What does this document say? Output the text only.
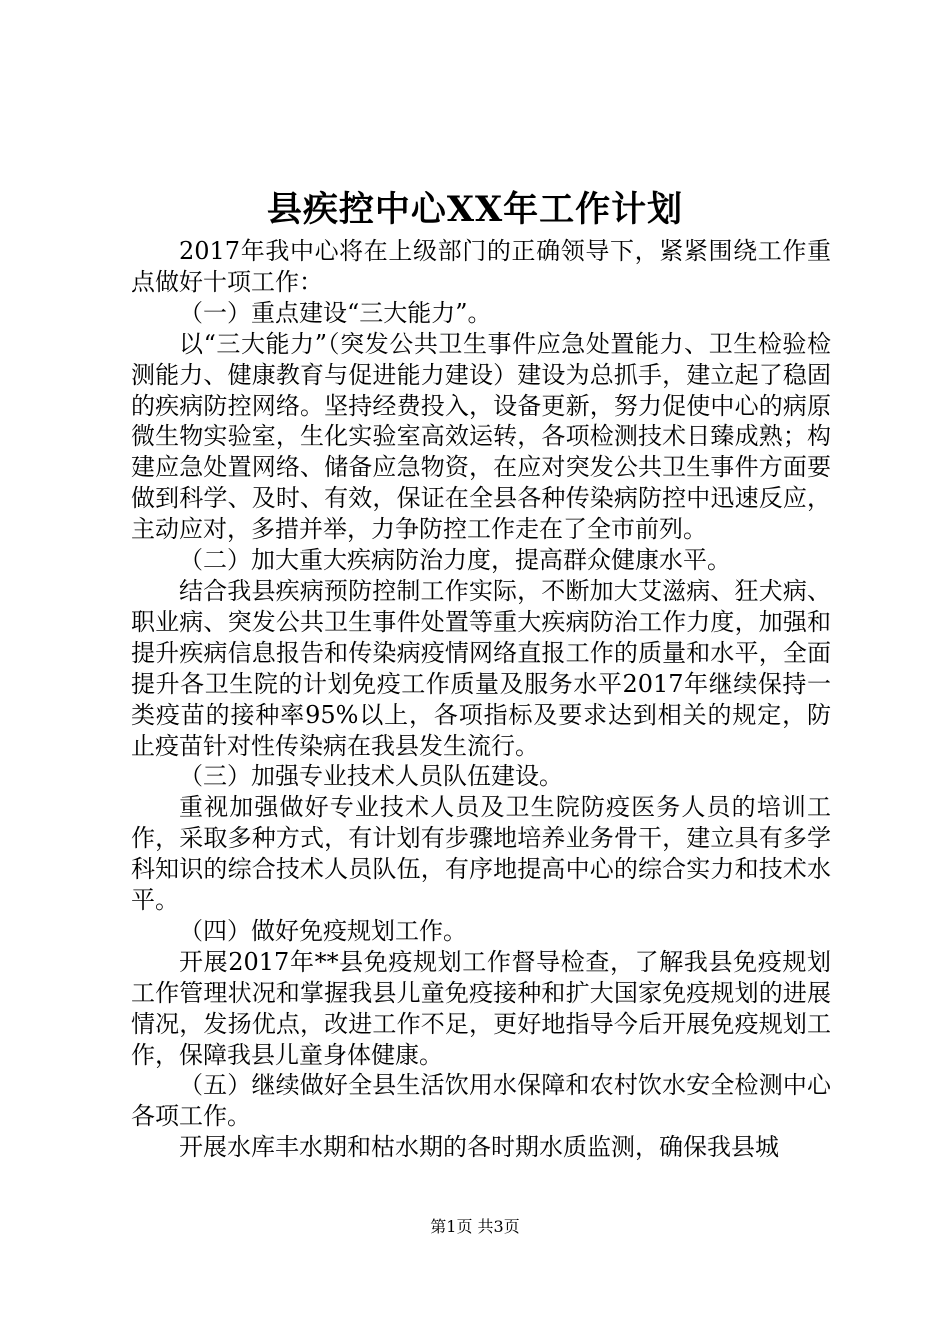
县疾控中心XX年工作计划

2017年我中心将在上级部门的正确领导下，紧紧围绕工作重点做好十项工作：

（一）重点建设“三大能力”。

以“三大能力”（突发公共卫生事件应急处置能力、卫生检验检测能力、健康教育与促进能力建设）建设为总抓手，建立起了稳固的疾病防控网络。坚持经费投入，设备更新，努力促使中心的病原微生物实验室，生化实验室高效运转，各项检测技术日臻成熟；构建应急处置网络、储备应急物资，在应对突发公共卫生事件方面要做到科学、及时、有效，保证在全县各种传染病防控中迅速反应，主动应对，多措并举，力争防控工作走在了全市前列。

（二）加大重大疾病防治力度，提高群众健康水平。

结合我县疾病预防控制工作实际，不断加大艾滋病、狂犬病、职业病、突发公共卫生事件处置等重大疾病防治工作力度，加强和提升疾病信息报告和传染病疫情网络直报工作的质量和水平，全面提升各卫生院的计划免疫工作质量及服务水平2017年继续保持一类疫苗的接种率95%以上，各项指标及要求达到相关的规定，防止疫苗针对性传染病在我县发生流行。

（三）加强专业技术人员队伍建设。

重视加强做好专业技术人员及卫生院防疫医务人员的培训工作，采取多种方式，有计划有步骤地培养业务骨干，建立具有多学科知识的综合技术人员队伍，有序地提高中心的综合实力和技术水平。

（四）做好免疫规划工作。

开展2017年**县免疫规划工作督导检查，了解我县免疫规划工作管理状况和掌握我县儿童免疫接种和扩大国家免疫规划的进展情况，发扬优点，改进工作不足，更好地指导今后开展免疫规划工作，保障我县儿童身体健康。

（五）继续做好全县生活饮用水保障和农村饮水安全检测中心各项工作。

开展水库丰水期和枯水期的各时期水质监测，确保我县城

第1页 共3页
